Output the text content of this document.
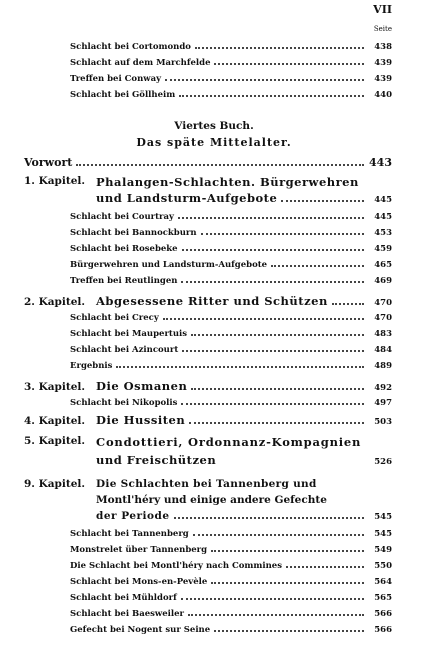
VII
Seite
Schlacht bei Cortomondo	438
Schlacht auf dem Marchfelde	439
Treffen bei Conway	439
Schlacht bei Göllheim	440
Viertes Buch.
Das späte Mittelalter.
Vorwort	443
1. Kapitel. Phalangen-Schlachten. Bürgerwehren
und Landsturm-Aufgebote	445
Schlacht bei Courtray	445
Schlacht bei Bannockburn	453
Schlacht bei Rosebeke	459
Bürgerwehren und Landsturm-Aufgebote	465
Treffen bei Reutlingen	469
2. Kapitel. Abgesessene Ritter und Schützen	470
Schlacht bei Crecy	470
Schlacht bei Maupertuis	483
Schlacht bei Azincourt	484
Ergebnis	489
3. Kapitel. Die Osmanen	492
Schlacht bei Nikopolis	497
4. Kapitel. Die Hussiten	503
5. Kapitel. Condottieri, Ordonnanz-Kompagnien
und Freischützen	526
9. Kapitel. Die Schlachten bei Tannenberg und
Montl'héry und einige andere Gefechte
der Periode	545
Schlacht bei Tannenberg	545
Monstrelet über Tannenberg	549
Die Schlacht bei Montl'héry nach Commines	550
Schlacht bei Mons-en-Pevèle	564
Schlacht bei Mühldorf	565
Schlacht bei Baesweiler	566
Gefecht bei Nogent sur Seine	566
